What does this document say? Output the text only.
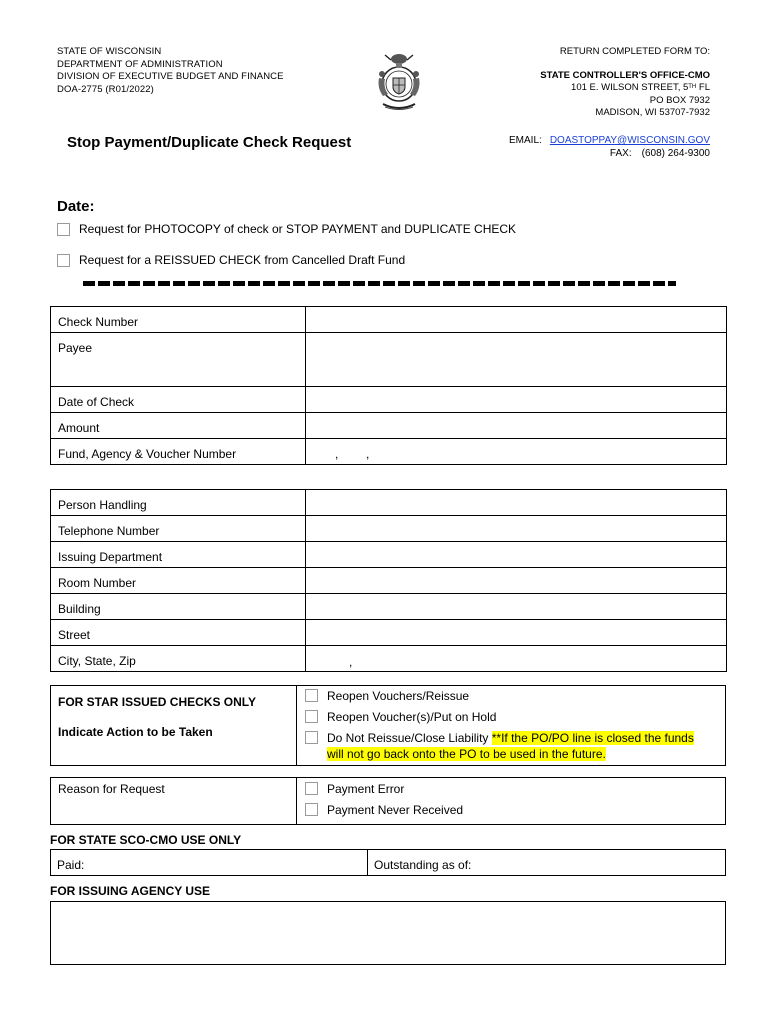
STATE OF WISCONSIN
DEPARTMENT OF ADMINISTRATION
DIVISION OF EXECUTIVE BUDGET AND FINANCE
DOA-2775 (R01/2022)
RETURN COMPLETED FORM TO:
STATE CONTROLLER'S OFFICE-CMO
101 E. WILSON STREET, 5TH FL
PO BOX 7932
MADISON, WI 53707-7932
Stop Payment/Duplicate Check Request	EMAIL: DOASTOPPAY@WISCONSIN.GOV
FAX: (608) 264-9300
Date:
Request for PHOTOCOPY of check or STOP PAYMENT and DUPLICATE CHECK
Request for a REISSUED CHECK from Cancelled Draft Fund
Check Number	
Payee	
Date of Check	
Amount	
Fund, Agency & Voucher Number		, ,
Person Handling	
Telephone Number	
Issuing Department	
Room Number	
Building	
Street	
City, State, Zip		,
FOR STAR ISSUED CHECKS ONLY
Indicate Action to be Taken
Reopen Vouchers/Reissue
Reopen Voucher(s)/Put on Hold
Do Not Reissue/Close Liability **If the PO/PO line is closed the funds
will not go back onto the PO to be used in the future.
Reason for Request	Payment Error
Payment Never Received
FOR STATE SCO-CMO USE ONLY
Paid:	Outstanding as of:
FOR ISSUING AGENCY USE
